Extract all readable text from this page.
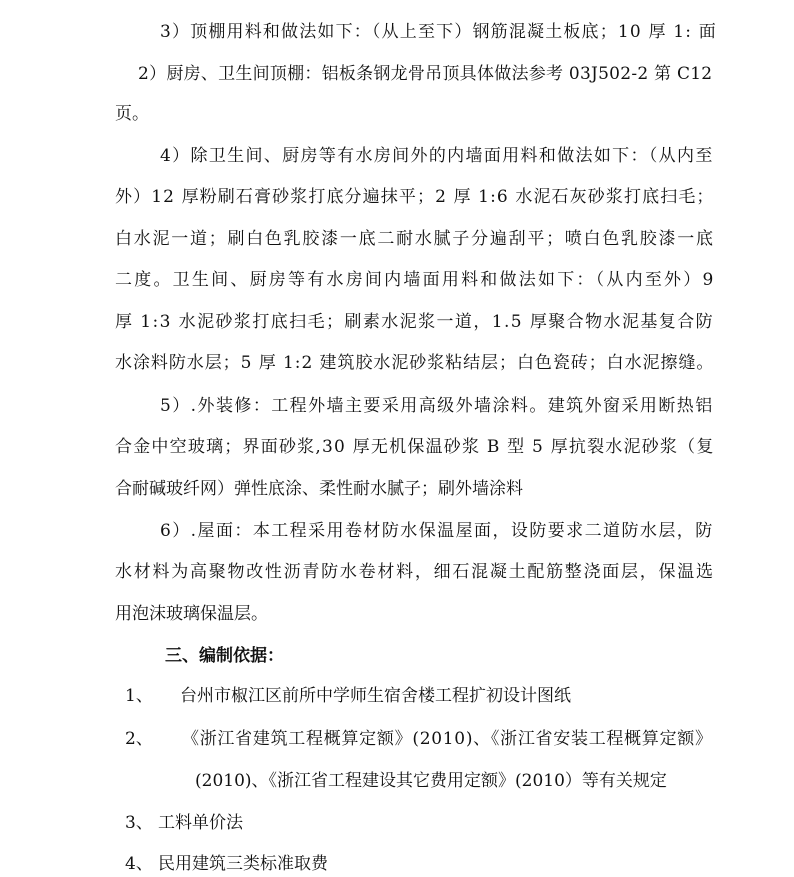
3）顶棚用料和做法如下：（从上至下）钢筋混凝土板底；10 厚 1: 面
2）厨房、卫生间顶棚：铝板条钢龙骨吊顶具体做法参考 03J502-2 第 C12
页。
4）除卫生间、厨房等有水房间外的内墙面用料和做法如下：（从内至
外）12 厚粉刷石膏砂浆打底分遍抹平；2 厚 1:6 水泥石灰砂浆打底扫毛；
白水泥一道；刷白色乳胶漆一底二耐水腻子分遍刮平；喷白色乳胶漆一底
二度。卫生间、厨房等有水房间内墙面用料和做法如下：（从内至外）9
厚 1:3 水泥砂浆打底扫毛；刷素水泥浆一道，1.5 厚聚合物水泥基复合防
水涂料防水层；5 厚 1:2 建筑胶水泥砂浆粘结层；白色瓷砖；白水泥擦缝。
5）.外装修：工程外墙主要采用高级外墙涂料。建筑外窗采用断热铝
合金中空玻璃；界面砂浆,30 厚无机保温砂浆 B 型 5 厚抗裂水泥砂浆（复
合耐碱玻纤网）弹性底涂、柔性耐水腻子；刷外墙涂料
6）.屋面：本工程采用卷材防水保温屋面，设防要求二道防水层，防
水材料为高聚物改性沥青防水卷材料，细石混凝土配筋整浇面层，保温选
用泡沫玻璃保温层。
三、编制依据：
1、 台州市椒江区前所中学师生宿舍楼工程扩初设计图纸
2、 《浙江省建筑工程概算定额》(2010)、《浙江省安装工程概算定额》
(2010)、《浙江省工程建设其它费用定额》(2010）等有关规定
3、 工料单价法
4、 民用建筑三类标准取费
